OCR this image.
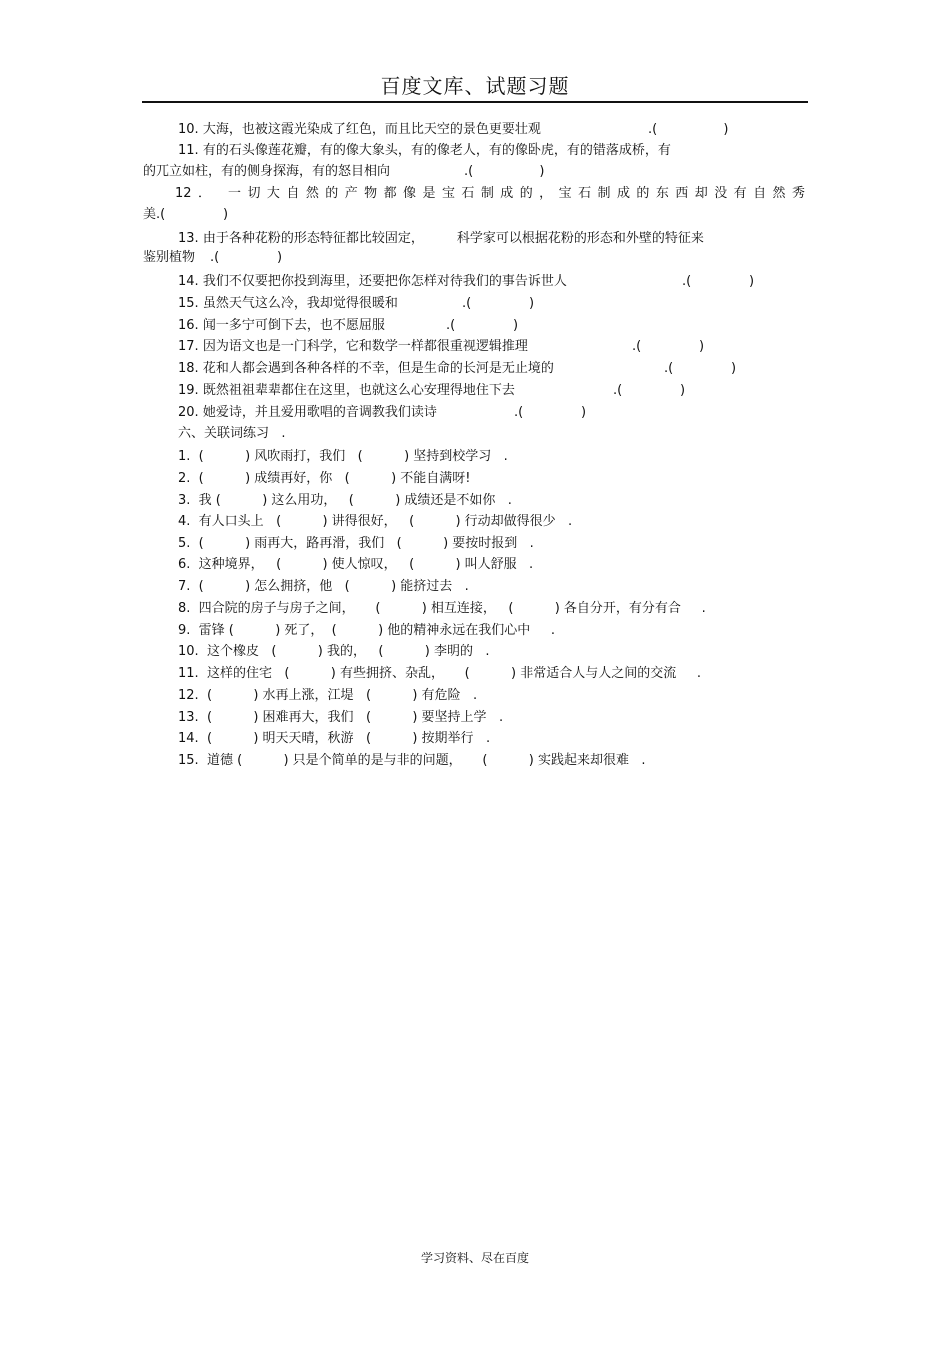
百度文库、试题习题
10. 大海，也被这霞光染成了红色，而且比天空的景色更要壮观	.(                )
11. 有的石头像莲花瓣，有的像大象头，有的像老人，有的像卧虎，有的错落成桥，有
的兀立如柱，有的侧身探海，有的怒目相向	.(                )
12． 一切大自然的产物都像是宝石制成的，宝石制成的东西却没有自然秀
美.(              )
13. 由于各种花粉的形态特征都比较固定，        科学家可以根据花粉的形态和外壁的特征来
鉴别植物 .(              )
14. 我们不仅要把你投到海里，还要把你怎样对待我们的事告诉世人	.(              )
15. 虽然天气这么冷，我却觉得很暖和	.(              )
16. 闻一多宁可倒下去，也不愿屈服	.(              )
17. 因为语文也是一门科学，它和数学一样都很重视逻辑推理	.(              )
18. 花和人都会遇到各种各样的不幸，但是生命的长河是无止境的	.(              )
19. 既然祖祖辈辈都住在这里，也就这么心安理得地住下去	.(              )
20. 她爱诗，并且爱用歌唱的音调教我们读诗	.(              )
六、关联词练习   .
1. (          ) 风吹雨打，我们   (          ) 坚持到校学习   .
2. (          ) 成绩再好，你   (          ) 不能自满呀!
3. 我 (          ) 这么用功，   (          ) 成绩还是不如你   .
4. 有人口头上   (          ) 讲得很好，   (          ) 行动却做得很少   .
5. (          ) 雨再大，路再滑，我们   (          ) 要按时报到   .
6. 这种境界，   (          ) 使人惊叹，   (          ) 叫人舒服   .
7. (          ) 怎么拥挤，他   (          ) 能挤过去   .
8. 四合院的房子与房子之间，     (          ) 相互连接，   (          ) 各自分开，有分有合     .
9. 雷锋 (          ) 死了，  (          ) 他的精神永远在我们心中     .
10. 这个橡皮   (          ) 我的，   (          ) 李明的   .
11. 这样的住宅   (          ) 有些拥挤、杂乱，     (          ) 非常适合人与人之间的交流     .
12. (          ) 水再上涨，江堤   (          ) 有危险   .
13. (          ) 困难再大，我们   (          ) 要坚持上学   .
14. (          ) 明天天晴，秋游   (          ) 按期举行   .
15. 道德 (          ) 只是个简单的是与非的问题，     (          ) 实践起来却很难   .
学习资料、尽在百度
